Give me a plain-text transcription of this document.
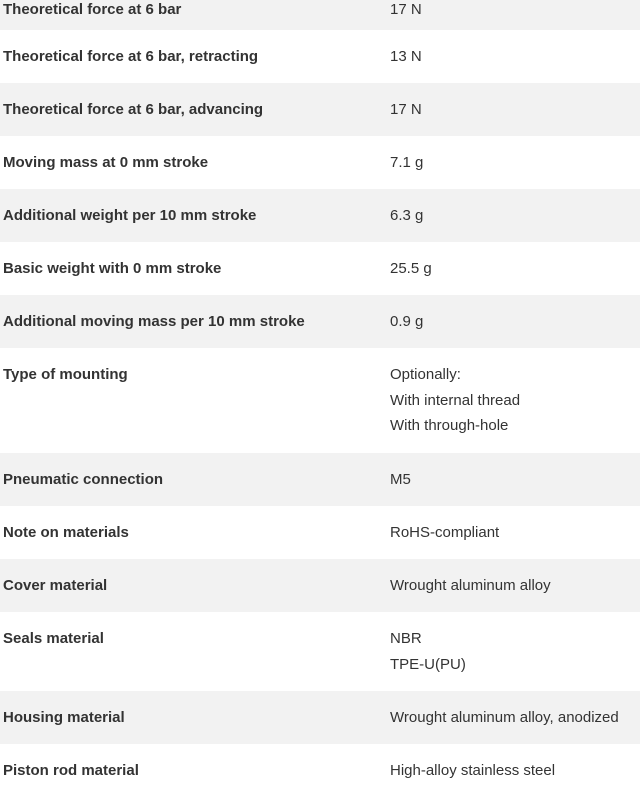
Theoretical force at 6 bar	17 N
Theoretical force at 6 bar, retracting	13 N
Theoretical force at 6 bar, advancing	17 N
Moving mass at 0 mm stroke	7.1 g
Additional weight per 10 mm stroke	6.3 g
Basic weight with 0 mm stroke	25.5 g
Additional moving mass per 10 mm stroke	0.9 g
Type of mounting	Optionally:
With internal thread
With through-hole
Pneumatic connection	M5
Note on materials	RoHS-compliant
Cover material	Wrought aluminum alloy
Seals material	NBR
TPE-U(PU)
Housing material	Wrought aluminum alloy, anodized
Piston rod material	High-alloy stainless steel
